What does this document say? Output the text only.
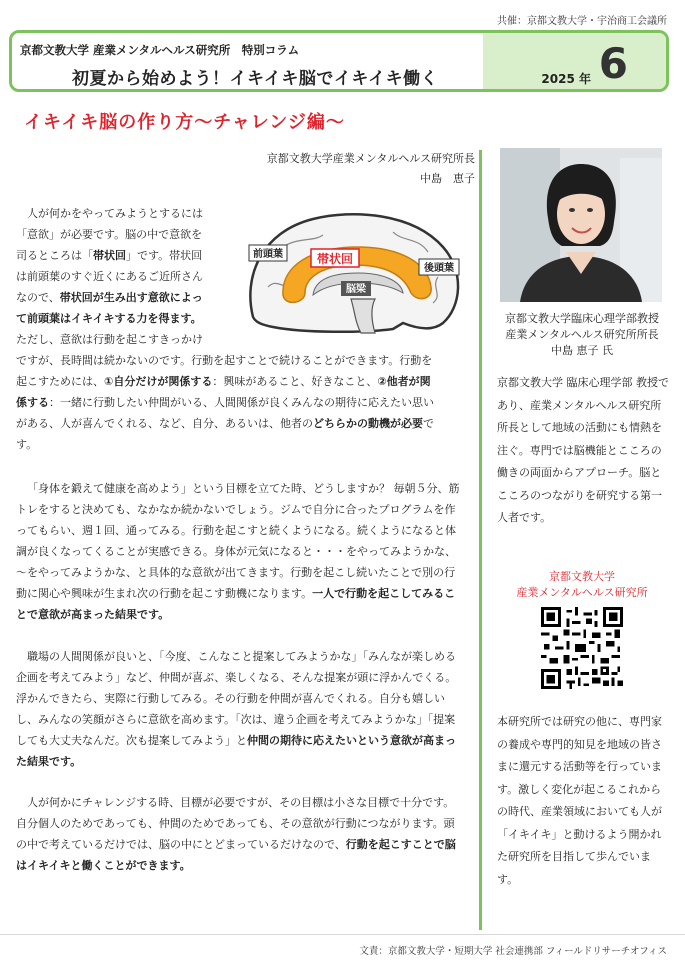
共催：京都文教大学・宇治商工会議所
京都文教大学 産業メンタルヘルス研究所　特別コラム
初夏から始めよう！イキイキ脳でイキイキ働く	2025 年 6
イキイキ脳の作り方～チャレンジ編～
京都文教大学産業メンタルヘルス研究所長
中島　恵子
前頭葉	帯状回
後頭葉
脳梁

人が何かをやってみようとするには

「意欲」が必要です。脳の中で意欲を

司るところは「帯状回」です。帯状回

は前頭葉のすぐ近くにあるご近所さん

なので、帯状回が生み出す意欲によっ

て前頭葉はイキイキする力を得ます。

ただし、意欲は行動を起こすきっかけ

ですが、長時間は続かないのです。行動を起すことで続けることができます。行動を

起こすためには、①自分だけが関係する：興味があること、好きなこと、②他者が関

係する：一緒に行動したい仲間がいる、人間関係が良くみんなの期待に応えたい思い

がある、人が喜んでくれる、など、自分、あるいは、他者のどちらかの動機が必要で

す。

「身体を鍛えて健康を高めよう」という目標を立てた時、どうしますか？ 毎朝５分、筋トレをすると決めても、なかなか続かないでしょう。ジムで自分に合ったプログラムを作ってもらい、週１回、通ってみる。行動を起こすと続くようになる。続くようになると体調が良くなってくることが実感できる。身体が元気になると・・・をやってみようかな、～をやってみようかな、と具体的な意欲が出てきます。行動を起こし続いたことで別の行動に関心や興味が生まれ次の行動を起こす動機になります。一人で行動を起こしてみることで意欲が高まった結果です。

職場の人間関係が良いと、「今度、こんなこと提案してみようかな」「みんなが楽しめる企画を考えてみよう」など、仲間が喜ぶ、楽しくなる、そんな提案が頭に浮かんでくる。浮かんできたら、実際に行動してみる。その行動を仲間が喜んでくれる。自分も嬉しいし、みんなの笑顔がさらに意欲を高めます。「次は、違う企画を考えてみようかな」「提案しても大丈夫なんだ。次も提案してみよう」と仲間の期待に応えたいという意欲が高まった結果です。

人が何かにチャレンジする時、目標が必要ですが、その目標は小さな目標で十分です。自分個人のためであっても、仲間のためであっても、その意欲が行動につながります。頭の中で考えているだけでは、脳の中にとどまっているだけなので、行動を起こすことで脳はイキイキと働くことができます。

京都文教大学臨床心理学部教授
産業メンタルヘルス研究所所長
中島 恵子 氏
京都文教大学 臨床心理学部 教授であり、産業メンタルヘルス研究所所長として地域の活動にも情熱を注ぐ。専門では脳機能とこころの働きの両面からアプローチ。脳とこころのつながりを研究する第一人者です。
京都文教大学
産業メンタルヘルス研究所
本研究所では研究の他に、専門家の養成や専門的知見を地域の皆さまに還元する活動等を行っています。激しく変化が起こるこれからの時代、産業領域においても人が「イキイキ」と動けるよう開かれた研究所を目指して歩んでいます。
文責：京都文教大学・短期大学 社会連携部 フィールドリサーチオフィス
